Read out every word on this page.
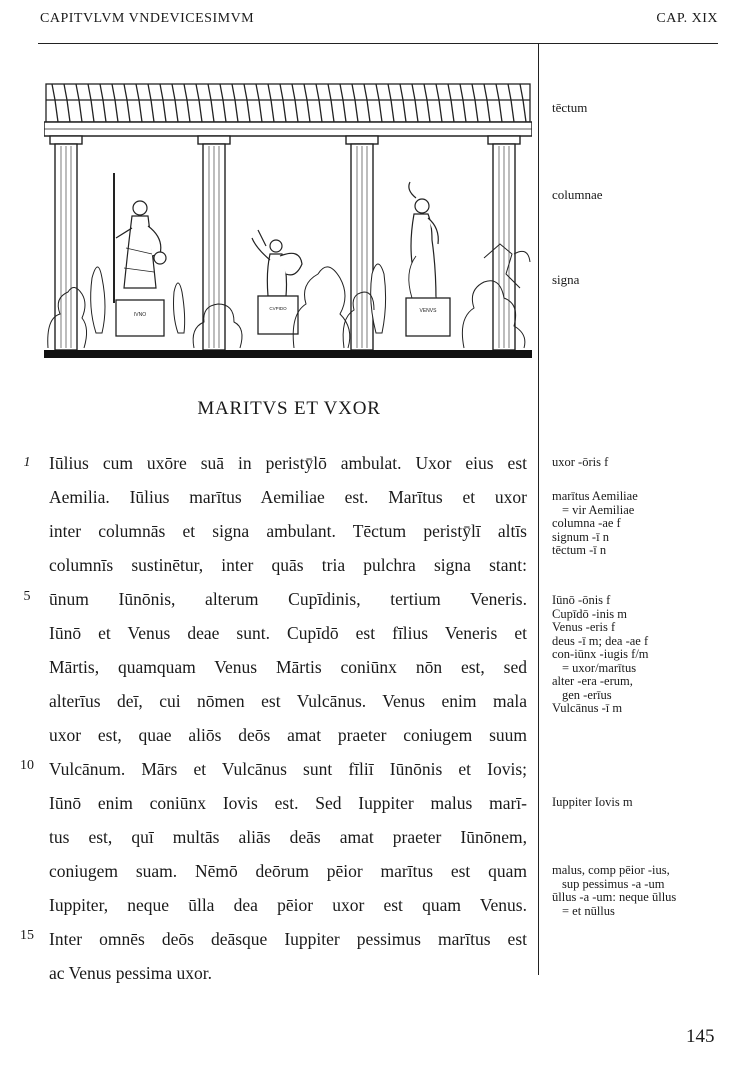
CAPITVLVM VNDEVICESIMVM	CAP. XIX
IVNO
CVPIDO	VENVS
tēctum
columnae
signa
MARITVS ET VXOR
1
5
10
15
Iūlius cum uxōre suā in peristȳlō ambulat. Uxor eius est
Aemilia. Iūlius marītus Aemiliae est. Marītus et uxor
inter columnās et signa ambulant. Tēctum peristȳlī altīs
columnīs sustinētur, inter quās tria pulchra signa stant:
ūnum Iūnōnis, alterum Cupīdinis, tertium Veneris.
Iūnō et Venus deae sunt. Cupīdō est fīlius Veneris et
Mārtis, quamquam Venus Mārtis coniūnx nōn est, sed
alterīus deī, cui nōmen est Vulcānus. Venus enim mala
uxor est, quae aliōs deōs amat praeter coniugem suum
Vulcānum. Mārs et Vulcānus sunt fīliī Iūnōnis et Iovis;
Iūnō enim coniūnx Iovis est. Sed Iuppiter malus marī-
tus est, quī multās aliās deās amat praeter Iūnōnem,
coniugem suam. Nēmō deōrum pēior marītus est quam
Iuppiter, neque ūlla dea pēior uxor est quam Venus.
Inter omnēs deōs deāsque Iuppiter pessimus marītus est
ac Venus pessima uxor.
uxor -ōris f
marītus Aemiliae
= vir Aemiliae
columna -ae f
signum -ī n
tēctum -ī n
Iūnō -ōnis f
Cupīdō -inis m
Venus -eris f
deus -ī m; dea -ae f
con-iūnx -iugis f/m
= uxor/marītus
alter -era -erum,
gen -erīus
Vulcānus -ī m
Iuppiter Iovis m
malus, comp pēior -ius,
sup pessimus -a -um
ūllus -a -um: neque ūllus
= et nūllus
145
